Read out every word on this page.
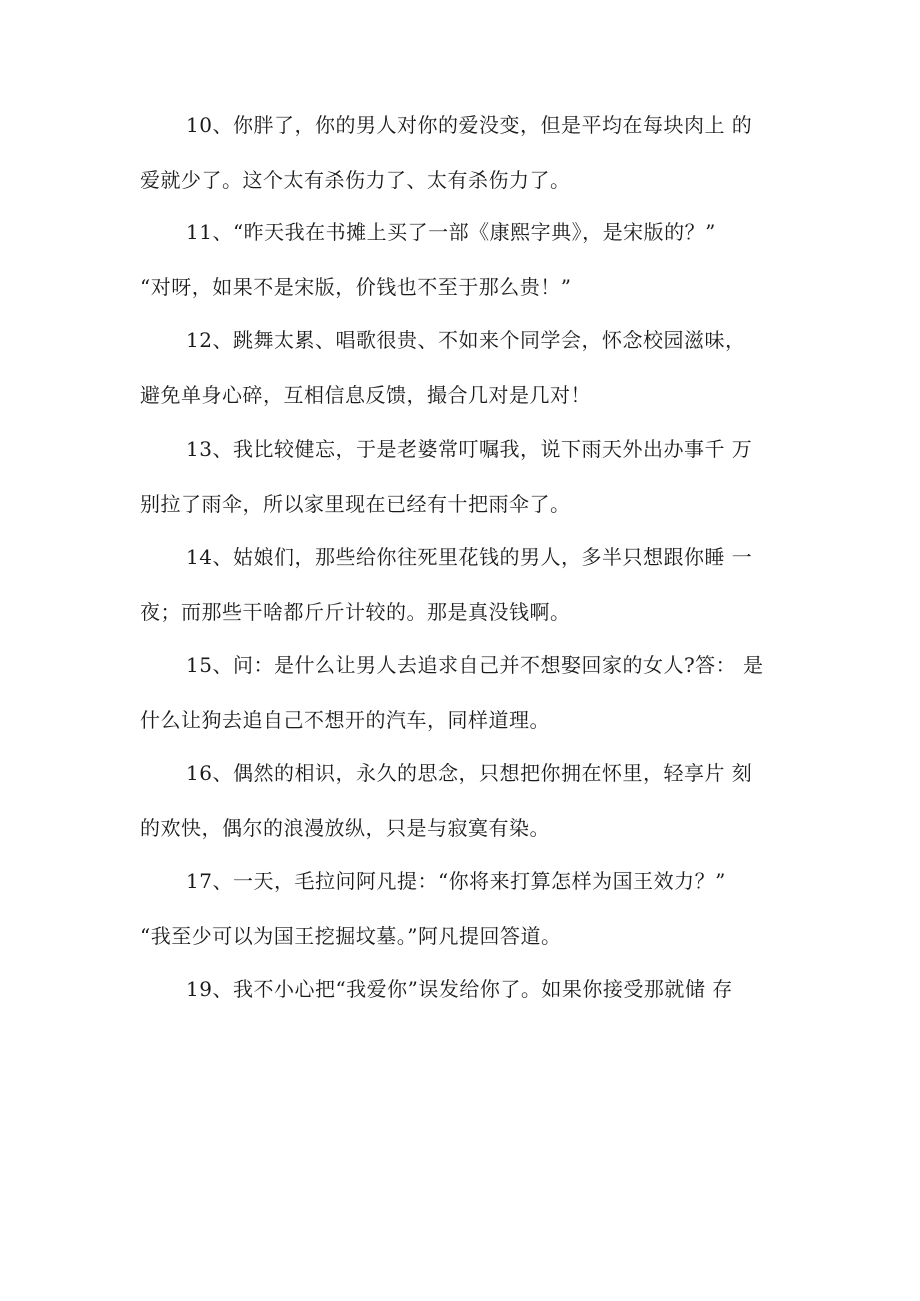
10、你胖了，你的男人对你的爱没变，但是平均在每块肉上 的
爱就少了。这个太有杀伤力了、太有杀伤力了。

11、“昨天我在书摊上买了一部《康熙字典》，是宋版的？”
“对呀，如果不是宋版，价钱也不至于那么贵！”

12、跳舞太累、唱歌很贵、不如来个同学会，怀念校园滋味，
避免单身心碎，互相信息反馈，撮合几对是几对！

13、我比较健忘，于是老婆常叮嘱我，说下雨天外出办事千 万
别拉了雨伞，所以家里现在已经有十把雨伞了。

14、姑娘们，那些给你往死里花钱的男人，多半只想跟你睡 一
夜；而那些干啥都斤斤计较的。那是真没钱啊。

15、问：是什么让男人去追求自己并不想娶回家的女人?答： 是
什么让狗去追自己不想开的汽车，同样道理。

16、偶然的相识，永久的思念，只想把你拥在怀里，轻享片 刻
的欢快，偶尔的浪漫放纵，只是与寂寞有染。

17、一天，毛拉问阿凡提：“你将来打算怎样为国王效力？”
“我至少可以为国王挖掘坟墓。”阿凡提回答道。

19、我不小心把“我爱你”误发给你了。如果你接受那就储 存
